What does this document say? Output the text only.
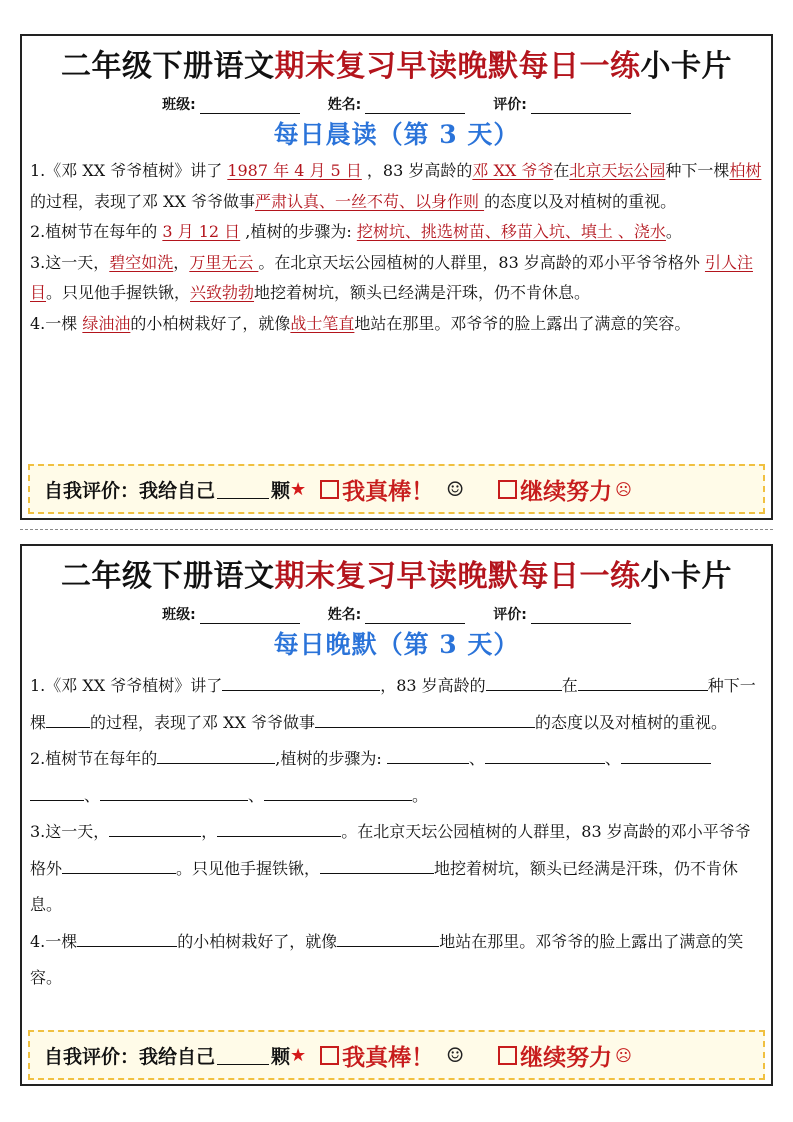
二年级下册语文期末复习早读晚默每日一练小卡片
班级:	姓名:	评价:
每日晨读（第 3 天）
1.《邓 XX 爷爷植树》讲了 1987 年 4 月 5 日 ，83 岁高龄的邓 XX 爷爷在北京天坛公园种下一棵柏树的过程，表现了邓 XX 爷爷做事严肃认真、一丝不苟、以身作则 的态度以及对植树的重视。
2.植树节在每年的 3 月 12 日 ,植树的步骤为: 挖树坑、挑选树苗、移苗入坑、填土 、浇水。
3.这一天，碧空如洗，万里无云 。在北京天坛公园植树的人群里，83 岁高龄的邓小平爷爷格外 引人注目。只见他手握铁锹，兴致勃勃地挖着树坑，额头已经满是汗珠，仍不肯休息。
4.一棵 绿油油的小柏树栽好了，就像战士笔直地站在那里。邓爷爷的脸上露出了满意的笑容。
自我评价：我给自己	颗 ★ 我真棒！ ☺ 继续努力 ☹
二年级下册语文期末复习早读晚默每日一练小卡片
班级:	姓名:	评价:
每日晚默（第 3 天）
1.《邓 XX 爷爷植树》讲了	，83 岁高龄的	在	种下一棵	的过程，表现了邓 XX 爷爷做事	的态度以及对植树的重视。
2.植树节在每年的	,植树的步骤为:	、	、、	、	。
3.这一天，	，	。在北京天坛公园植树的人群里，83 岁高龄的邓小平爷爷格外	。只见他手握铁锹，	地挖着树坑，额头已经满是汗珠，仍不肯休息。
4.一棵	的小柏树栽好了，就像	地站在那里。邓爷爷的脸上露出了满意的笑容。
自我评价：我给自己	颗 ★ 我真棒！ ☺ 继续努力 ☹
